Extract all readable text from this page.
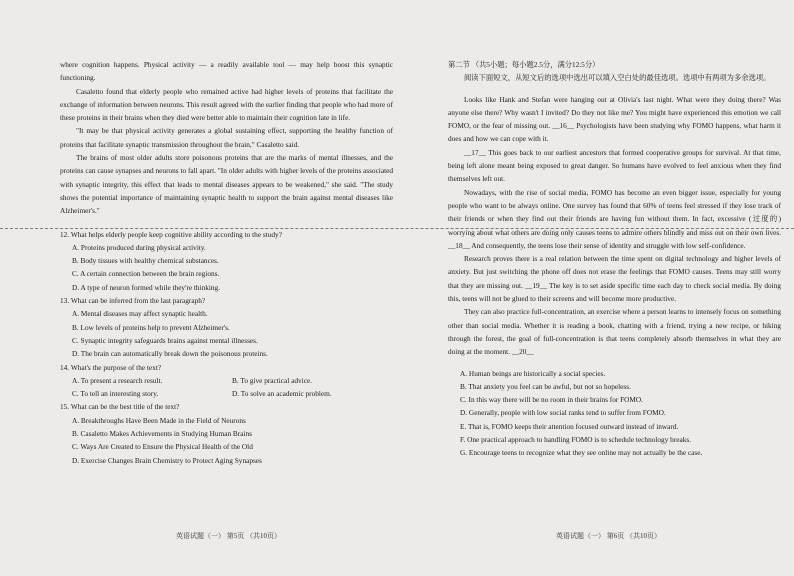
where cognition happens. Physical activity — a readily available tool — may help boost this synaptic functioning.

Casaletto found that elderly people who remained active had higher levels of proteins that facilitate the exchange of information between neurons. This result agreed with the earlier finding that people who had more of these proteins in their brains when they died were better able to maintain their cognition late in life.

"It may be that physical activity generates a global sustaining effect, supporting the healthy function of proteins that facilitate synaptic transmission throughout the brain," Casaletto said.

The brains of most older adults store poisonous proteins that are the marks of mental illnesses, and the proteins can cause synapses and neurons to fall apart. "In older adults with higher levels of the proteins associated with synaptic integrity, this effect that leads to mental diseases appears to be weakened," she said. "The study shows the potential importance of maintaining synaptic health to support the brain against mental diseases like Alzheimer's."

12. What helps elderly people keep cognitive ability according to the study?

A. Proteins produced during physical activity.

B. Body tissues with healthy chemical substances.

C. A certain connection between the brain regions.

D. A type of neuron formed while they're thinking.

13. What can be inferred from the last paragraph?

A. Mental diseases may affect synaptic health.

B. Low levels of proteins help to prevent Alzheimer's.

C. Synaptic integrity safeguards brains against mental illnesses.

D. The brain can automatically break down the poisonous proteins.

14. What's the purpose of the text?

A. To present a research result.	B. To give practical advice.
C. To tell an interesting story.	D. To solve an academic problem.

15. What can be the best title of the text?

A. Breakthroughs Have Been Made in the Field of Neurons

B. Casaletto Makes Achievements in Studying Human Brains

C. Ways Are Created to Ensure the Physical Health of the Old

D. Exercise Changes Brain Chemistry to Protect Aging Synapses

第二节 （共5小题；每小题2.5分，满分12.5分）

阅读下面短文，从短文后的选项中选出可以填入空白处的最佳选项。选项中有两项为多余选项。

Looks like Hank and Stefan were hanging out at Olivia's last night. What were they doing there? Was anyone else there? Why wasn't I invited? Do they not like me? You might have experienced this emotion we call FOMO, or the fear of missing out. __16__ Psychologists have been studying why FOMO happens, what harm it does and how we can cope with it.

__17__ This goes back to our earliest ancestors that formed cooperative groups for survival. At that time, being left alone meant being exposed to great danger. So humans have evolved to feel anxious when they find themselves left out.

Nowadays, with the rise of social media, FOMO has become an even bigger issue, especially for young people who want to be always online. One survey has found that 60% of teens feel stressed if they lose track of their friends or when they find out their friends are having fun without them. In fact, excessive (过度的) worrying about what others are doing only causes teens to admire others blindly and miss out on their own lives. __18__ And consequently, the teens lose their sense of identity and struggle with low self-confidence.

Research proves there is a real relation between the time spent on digital technology and higher levels of anxiety. But just switching the phone off does not erase the feelings that FOMO causes. Teens may still worry that they are missing out. __19__ The key is to set aside specific time each day to check social media. By doing this, teens will not be glued to their screens and will become more productive.

They can also practice full-concentration, an exercise where a person learns to intensely focus on something other than social media. Whether it is reading a book, chatting with a friend, trying a new recipe, or hiking through the forest, the goal of full-concentration is that teens completely absorb themselves in what they are doing at the moment. __20__

A. Human beings are historically a social species.

B. That anxiety you feel can be awful, but not so hopeless.

C. In this way there will be no room in their brains for FOMO.

D. Generally, people with low social ranks tend to suffer from FOMO.

E. That is, FOMO keeps their attention focused outward instead of inward.

F. One practical approach to handling FOMO is to schedule technology breaks.

G. Encourage teens to recognize what they see online may not actually be the case.

英语试题（一） 第5页 （共10页）	英语试题（一） 第6页 （共10页）
